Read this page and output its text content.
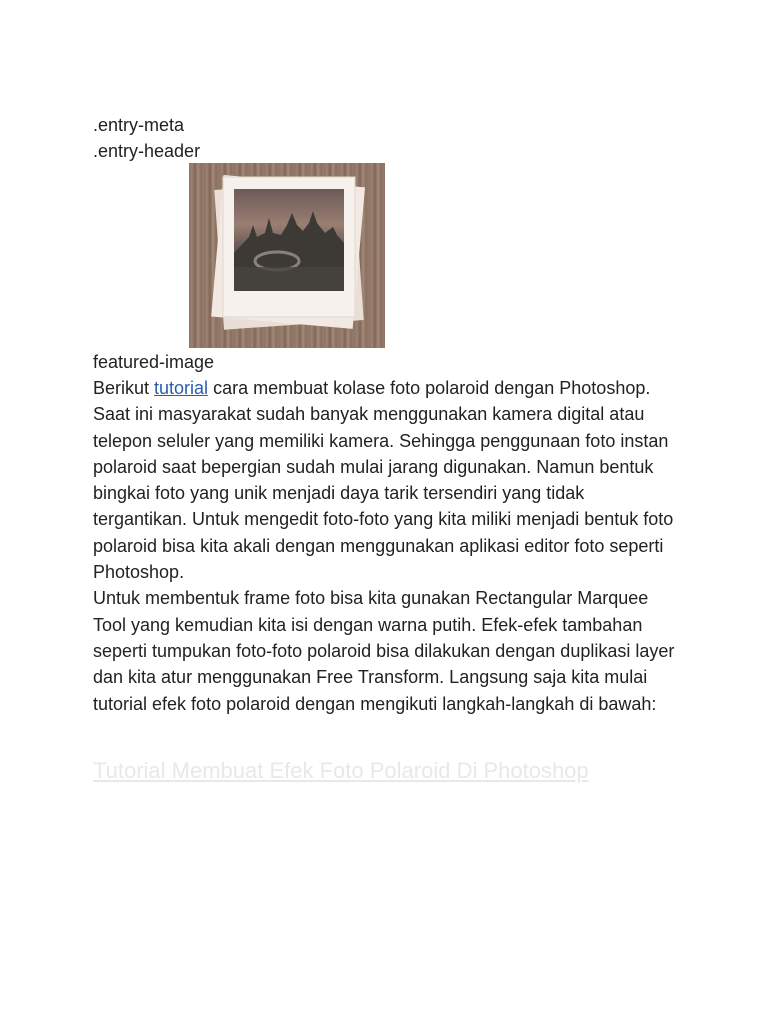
.entry-meta
.entry-header
featured-image

Berikut tutorial cara membuat kolase foto polaroid dengan Photoshop. Saat ini masyarakat sudah banyak menggunakan kamera digital atau telepon seluler yang memiliki kamera. Sehingga penggunaan foto instan polaroid saat bepergian sudah mulai jarang digunakan. Namun bentuk bingkai foto yang unik menjadi daya tarik tersendiri yang tidak tergantikan. Untuk mengedit foto-foto yang kita miliki menjadi bentuk foto polaroid bisa kita akali dengan menggunakan aplikasi editor foto seperti Photoshop.

Untuk membentuk frame foto bisa kita gunakan Rectangular Marquee Tool yang kemudian kita isi dengan warna putih. Efek-efek tambahan seperti tumpukan foto-foto polaroid bisa dilakukan dengan duplikasi layer dan kita atur menggunakan Free Transform. Langsung saja kita mulai tutorial efek foto polaroid dengan mengikuti langkah-langkah di bawah:

Tutorial Membuat Efek Foto Polaroid Di Photoshop
